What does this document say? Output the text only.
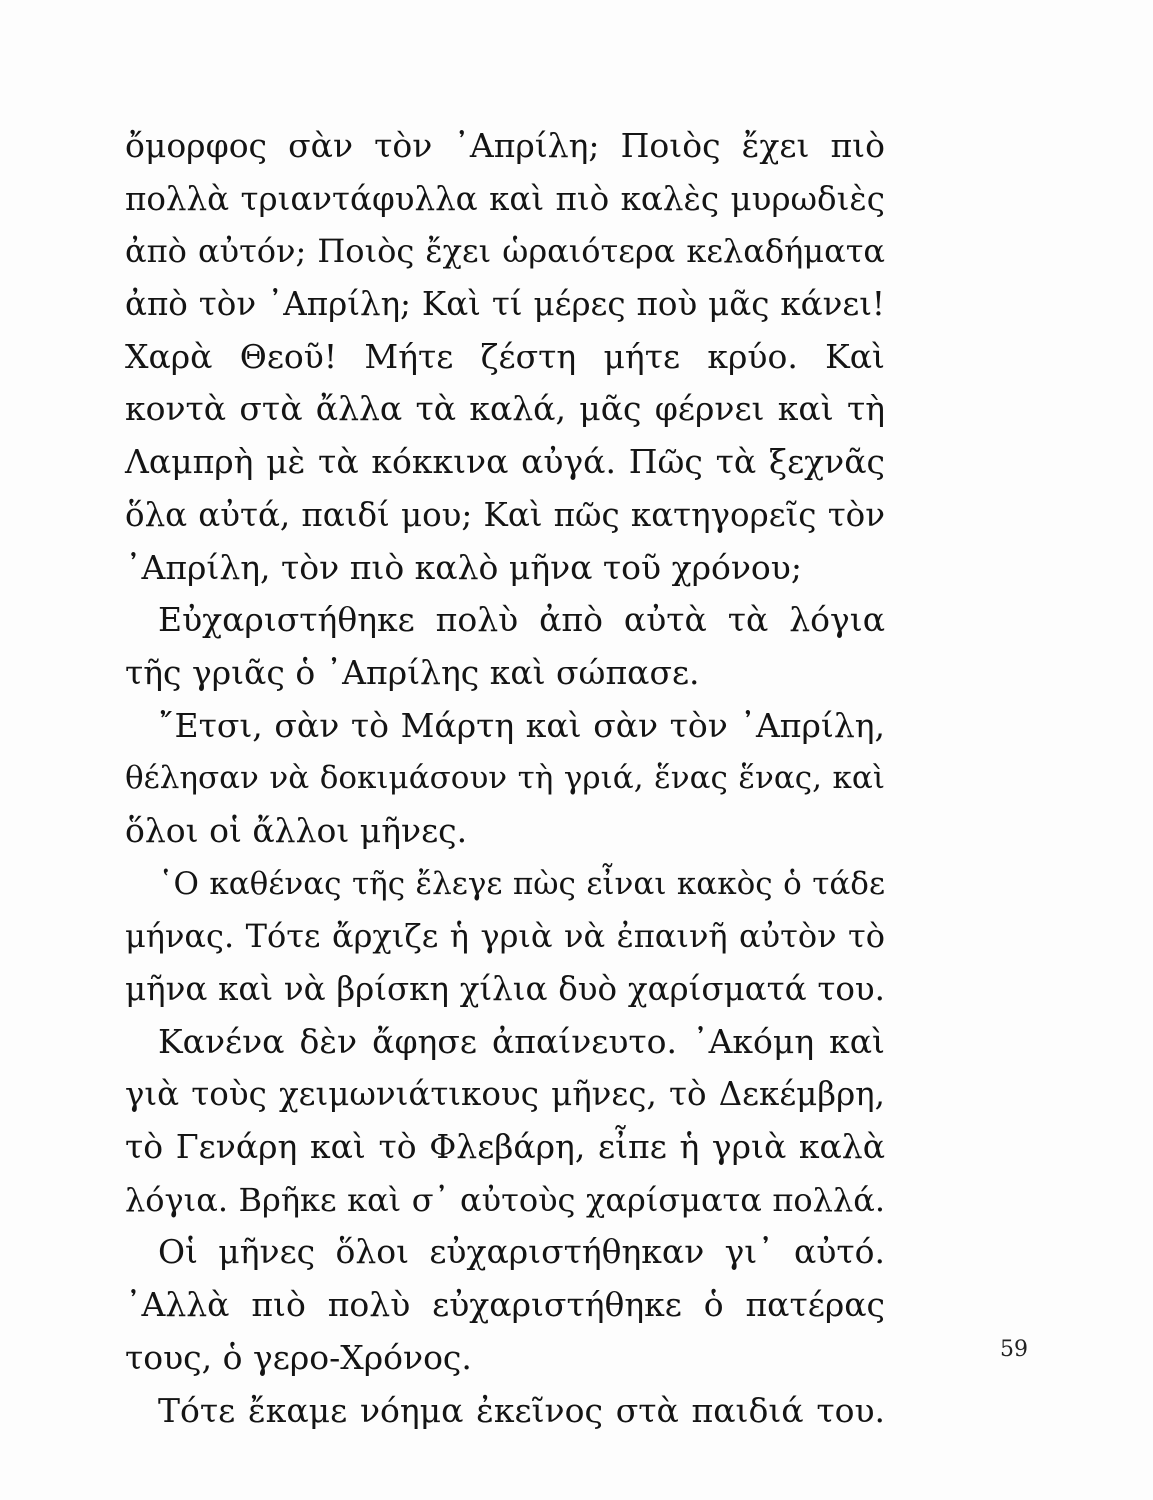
ὄμορφος σὰν τὸν ᾿Απρίλη; Ποιὸς ἔχει πιὸ
πολλὰ τριαντάφυλλα καὶ πιὸ καλὲς μυρωδιὲς
ἀπὸ αὐτόν; Ποιὸς ἔχει ὡραιότερα κελαδήματα
ἀπὸ τὸν ᾿Απρίλη; Καὶ τί μέρες ποὺ μᾶς κάνει!
Χαρὰ Θεοῦ! Μήτε ζέστη μήτε κρύο. Καὶ
κοντὰ στὰ ἄλλα τὰ καλά, μᾶς φέρνει καὶ τὴ
Λαμπρὴ μὲ τὰ κόκκινα αὐγά. Πῶς τὰ ξεχνᾶς
ὅλα αὐτά, παιδί μου; Καὶ πῶς κατηγορεῖς τὸν
᾿Απρίλη, τὸν πιὸ καλὸ μῆνα τοῦ χρόνου;
Εὐχαριστήθηκε πολὺ ἀπὸ αὐτὰ τὰ λόγια
τῆς γριᾶς ὁ ᾿Απρίλης καὶ σώπασε.
῎Ετσι, σὰν τὸ Μάρτη καὶ σὰν τὸν ᾿Απρίλη,
θέλησαν νὰ δοκιμάσουν τὴ γριά, ἕνας ἕνας, καὶ
ὅλοι οἱ ἄλλοι μῆνες.
῾Ο καθένας τῆς ἔλεγε πὼς εἶναι κακὸς ὁ τάδε
μήνας. Τότε ἄρχιζε ἡ γριὰ νὰ ἐπαινῆ αὐτὸν τὸ
μῆνα καὶ νὰ βρίσκη χίλια δυὸ χαρίσματά του.
Κανένα δὲν ἄφησε ἀπαίνευτο. ᾿Ακόμη καὶ
γιὰ τοὺς χειμωνιάτικους μῆνες, τὸ Δεκέμβρη,
τὸ Γενάρη καὶ τὸ Φλεβάρη, εἶπε ἡ γριὰ καλὰ
λόγια. Βρῆκε καὶ σ᾿ αὐτοὺς χαρίσματα πολλά.
Οἱ μῆνες ὅλοι εὐχαριστήθηκαν γι᾿ αὐτό.
᾿Αλλὰ πιὸ πολὺ εὐχαριστήθηκε ὁ πατέρας
τους, ὁ γερο-Χρόνος.
Τότε ἔκαμε νόημα ἐκεῖνος στὰ παιδιά του.
59
